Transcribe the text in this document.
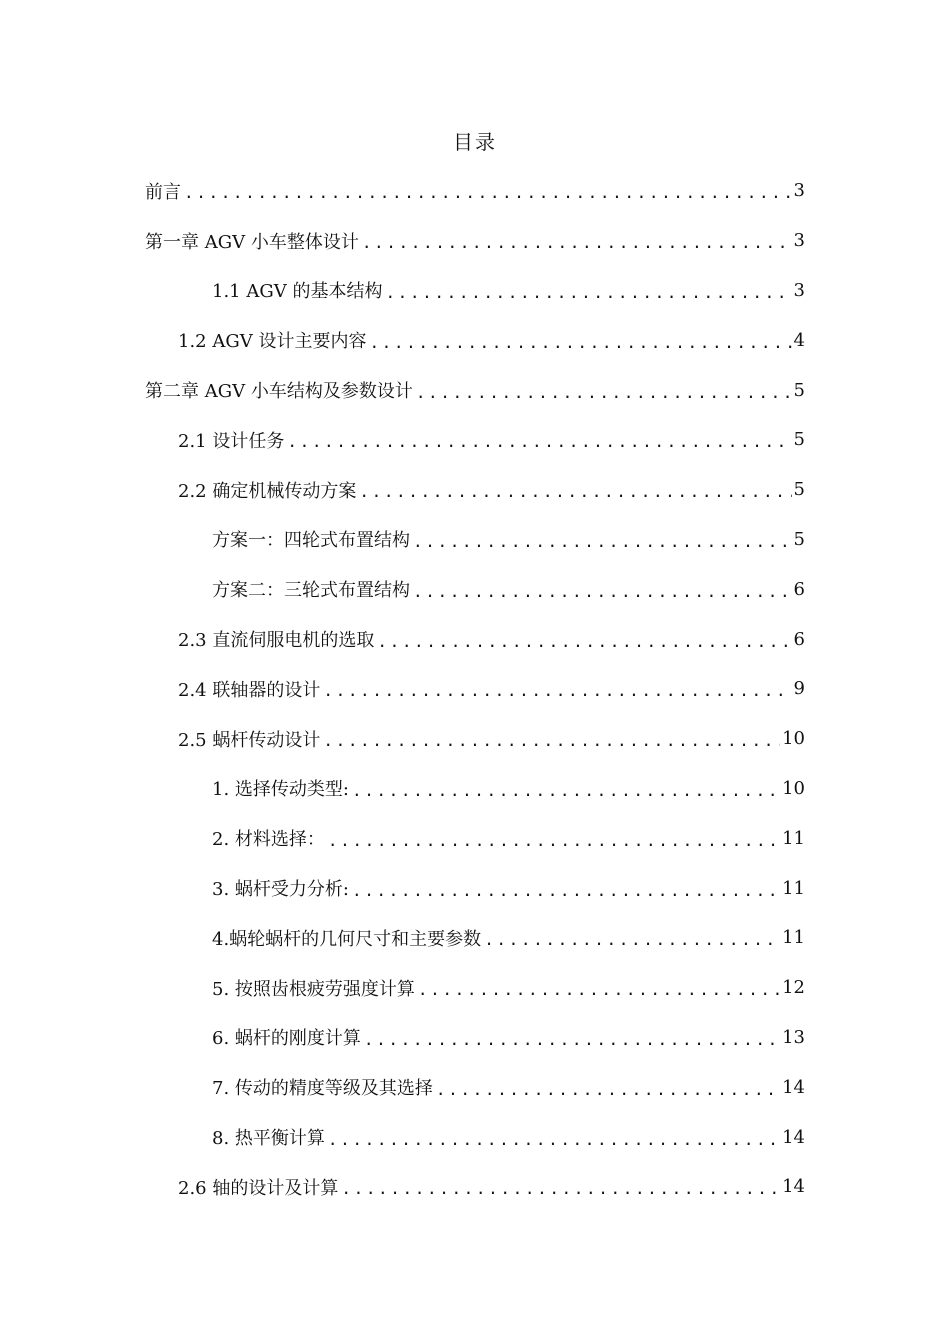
目录
前言 .....	3
第一章 AGV 小车整体设计 .....	3
1.1 AGV 的基本结构 .....	3
1.2 AGV 设计主要内容 .....	4
第二章 AGV 小车结构及参数设计 .....	5
2.1 设计任务 .....	5
2.2 确定机械传动方案 .....	5
方案一：四轮式布置结构 .....	5
方案二：三轮式布置结构 .....	6
2.3 直流伺服电机的选取 .....	6
2.4 联轴器的设计 .....	9
2.5 蜗杆传动设计 .....	10
1. 选择传动类型: .....	10
2. 材料选择： .....	11
3. 蜗杆受力分析: .....	11
4.蜗轮蜗杆的几何尺寸和主要参数 .....	11
5. 按照齿根疲劳强度计算 .....	12
6. 蜗杆的刚度计算 .....	13
7. 传动的精度等级及其选择 .....	14
8. 热平衡计算 .....	14
2.6 轴的设计及计算 .....	14
